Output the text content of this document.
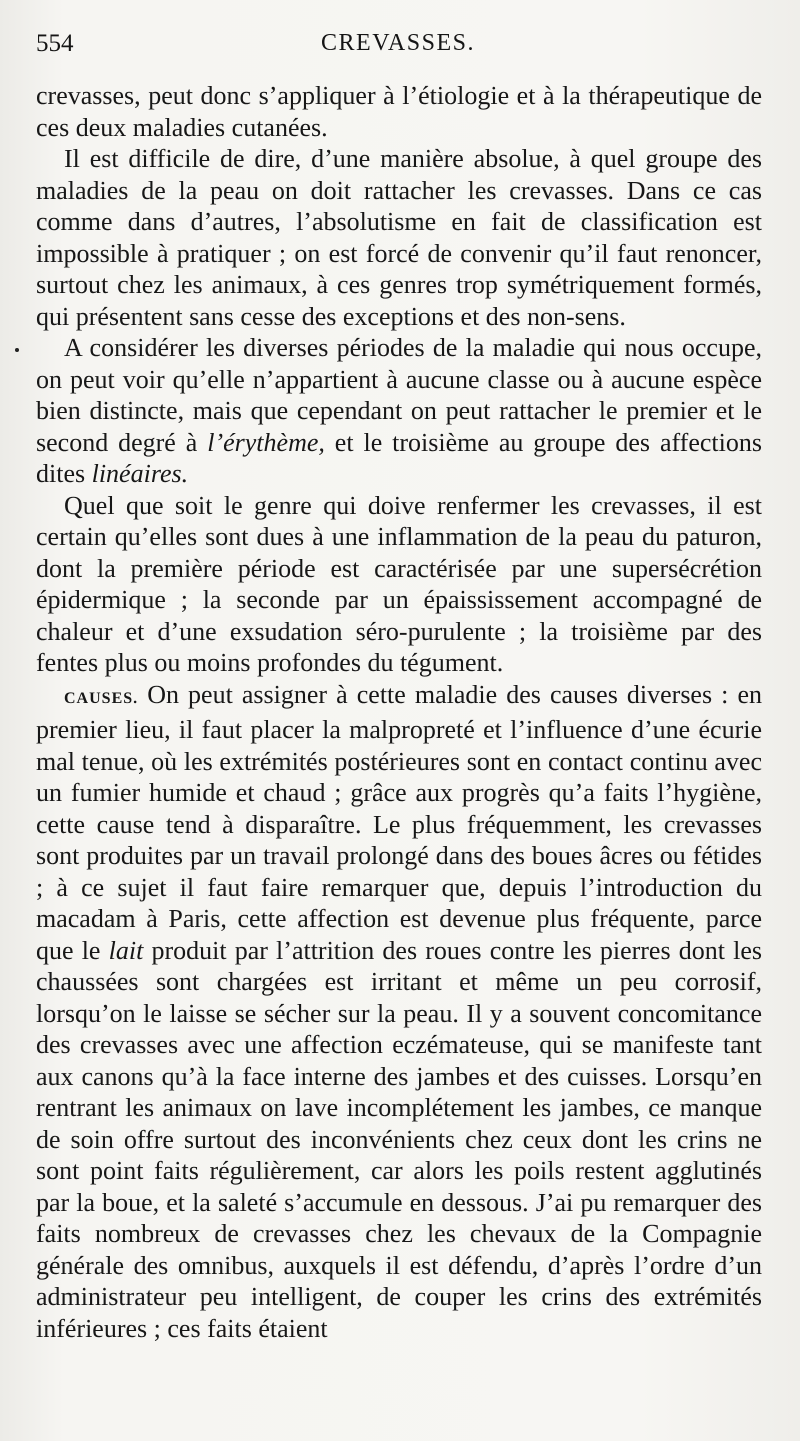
554	CREVASSES.

crevasses, peut donc s’appliquer à l’étiologie et à la thérapeutique de ces deux maladies cutanées.

Il est difficile de dire, d’une manière absolue, à quel groupe des maladies de la peau on doit rattacher les crevasses. Dans ce cas comme dans d’autres, l’absolutisme en fait de classification est impossible à pratiquer ; on est forcé de convenir qu’il faut renoncer, surtout chez les animaux, à ces genres trop symétriquement formés, qui présentent sans cesse des exceptions et des non-sens.

A considérer les diverses périodes de la maladie qui nous occupe, on peut voir qu’elle n’appartient à aucune classe ou à aucune espèce bien distincte, mais que cependant on peut rattacher le premier et le second degré à l’érythème, et le troisième au groupe des affections dites linéaires.

Quel que soit le genre qui doive renfermer les crevasses, il est certain qu’elles sont dues à une inflammation de la peau du paturon, dont la première période est caractérisée par une supersécrétion épidermique ; la seconde par un épaississement accompagné de chaleur et d’une exsudation séro-purulente ; la troisième par des fentes plus ou moins profondes du tégument.

CAUSES. On peut assigner à cette maladie des causes diverses : en premier lieu, il faut placer la malpropreté et l’influence d’une écurie mal tenue, où les extrémités postérieures sont en contact continu avec un fumier humide et chaud ; grâce aux progrès qu’a faits l’hygiène, cette cause tend à disparaître. Le plus fréquemment, les crevasses sont produites par un travail prolongé dans des boues âcres ou fétides ; à ce sujet il faut faire remarquer que, depuis l’introduction du macadam à Paris, cette affection est devenue plus fréquente, parce que le lait produit par l’attrition des roues contre les pierres dont les chaussées sont chargées est irritant et même un peu corrosif, lorsqu’on le laisse se sécher sur la peau. Il y a souvent concomitance des crevasses avec une affection eczémateuse, qui se manifeste tant aux canons qu’à la face interne des jambes et des cuisses. Lorsqu’en rentrant les animaux on lave incomplétement les jambes, ce manque de soin offre surtout des inconvénients chez ceux dont les crins ne sont point faits régulièrement, car alors les poils restent agglutinés par la boue, et la saleté s’accumule en dessous. J’ai pu remarquer des faits nombreux de crevasses chez les chevaux de la Compagnie générale des omnibus, auxquels il est défendu, d’après l’ordre d’un administrateur peu intelligent, de couper les crins des extrémités inférieures ; ces faits étaient
